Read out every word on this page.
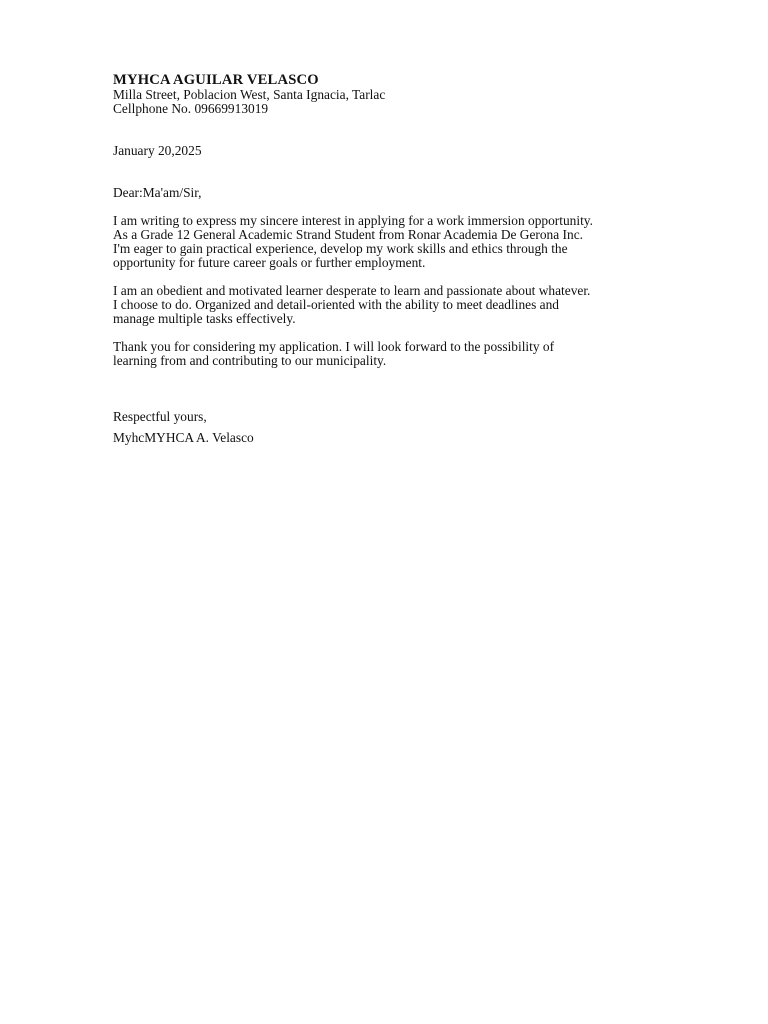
MYHCA AGUILAR VELASCO
Milla Street, Poblacion West, Santa Ignacia, Tarlac
Cellphone No. 09669913019
January 20,2025
Dear:Ma'am/Sir,
I am writing to express my sincere interest in applying for a work immersion opportunity.
As a Grade 12 General Academic Strand Student from Ronar Academia De Gerona Inc.
I'm eager to gain practical experience, develop my work skills and ethics through the
opportunity for future career goals or further employment.
I am an obedient and motivated learner desperate to learn and passionate about whatever.
I choose to do. Organized and detail-oriented with the ability to meet deadlines and
manage multiple tasks effectively.
Thank you for considering my application. I will look forward to the possibility of
learning from and contributing to our municipality.
Respectful yours,
MyhcMYHCA A. Velasco
